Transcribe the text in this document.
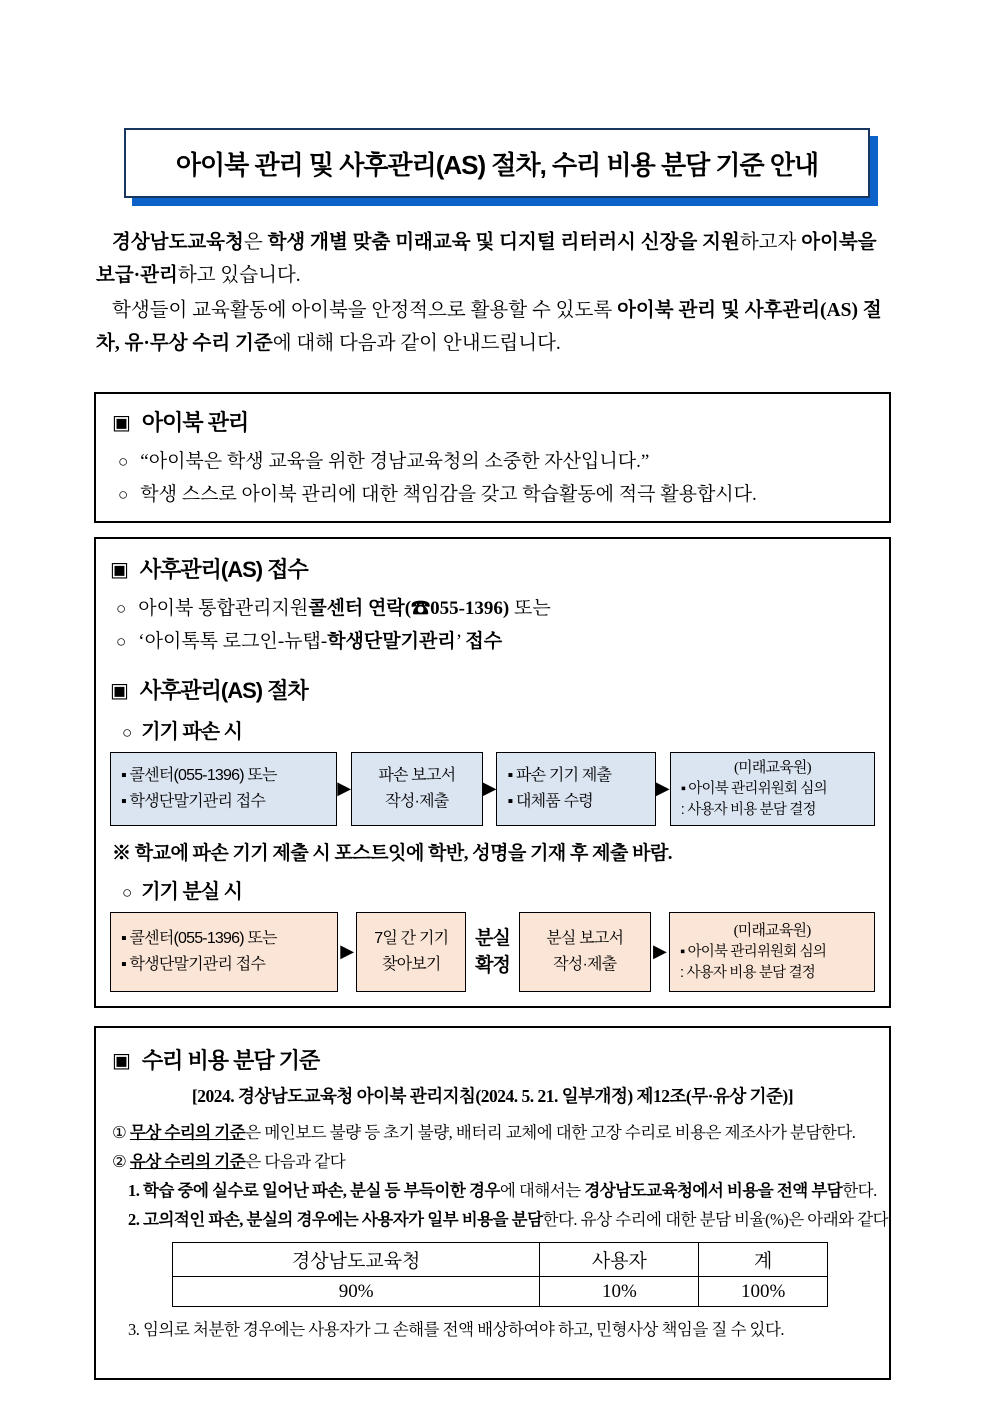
아이북 관리 및 사후관리(AS) 절차, 수리 비용 분담 기준 안내

경상남도교육청은 학생 개별 맞춤 미래교육 및 디지털 리터러시 신장을 지원하고자 아이북을 보급·관리하고 있습니다.

학생들이 교육활동에 아이북을 안정적으로 활용할 수 있도록 아이북 관리 및 사후관리(AS) 절차, 유·무상 수리 기준에 대해 다음과 같이 안내드립니다.

▣ 아이북 관리
○ “아이북은 학생 교육을 위한 경남교육청의 소중한 자산입니다.”
○ 학생 스스로 아이북 관리에 대한 책임감을 갖고 학습활동에 적극 활용합시다.
▣ 사후관리(AS) 접수
○ 아이북 통합관리지원콜센터 연락(☎055-1396) 또는
○ ‘아이톡톡 로그인-뉴탭-학생단말기관리’ 접수
▣ 사후관리(AS) 절차
○ 기기 파손 시
▪ 콜센터(055-1396) 또는
▪ 학생단말기관리 접수
▶
파손 보고서
작성·제출
▶
▪ 파손 기기 제출
▪ 대체품 수령
▶
(미래교육원)
▪ 아이북 관리위원회 심의
: 사용자 비용 분담 결정
※ 학교에 파손 기기 제출 시 포스트잇에 학반, 성명을 기재 후 제출 바람.
○ 기기 분실 시
▪ 콜센터(055-1396) 또는
▪ 학생단말기관리 접수
▶
7일 간 기기
찾아보기
분실
확정
분실 보고서
작성·제출
▶
(미래교육원)
▪ 아이북 관리위원회 심의
: 사용자 비용 분담 결정
▣ 수리 비용 분담 기준
[2024. 경상남도교육청 아이북 관리지침(2024. 5. 21. 일부개정) 제12조(무·유상 기준)]
① 무상 수리의 기준은 메인보드 불량 등 초기 불량, 배터리 교체에 대한 고장 수리로 비용은 제조사가 분담한다.
② 유상 수리의 기준은 다음과 같다
1. 학습 중에 실수로 일어난 파손, 분실 등 부득이한 경우에 대해서는 경상남도교육청에서 비용을 전액 부담한다.
2. 고의적인 파손, 분실의 경우에는 사용자가 일부 비용을 분담한다. 유상 수리에 대한 분담 비율(%)은 아래와 같다.
경상남도교육청	사용자	계
90%	10%	100%
3. 임의로 처분한 경우에는 사용자가 그 손해를 전액 배상하여야 하고, 민형사상 책임을 질 수 있다.
